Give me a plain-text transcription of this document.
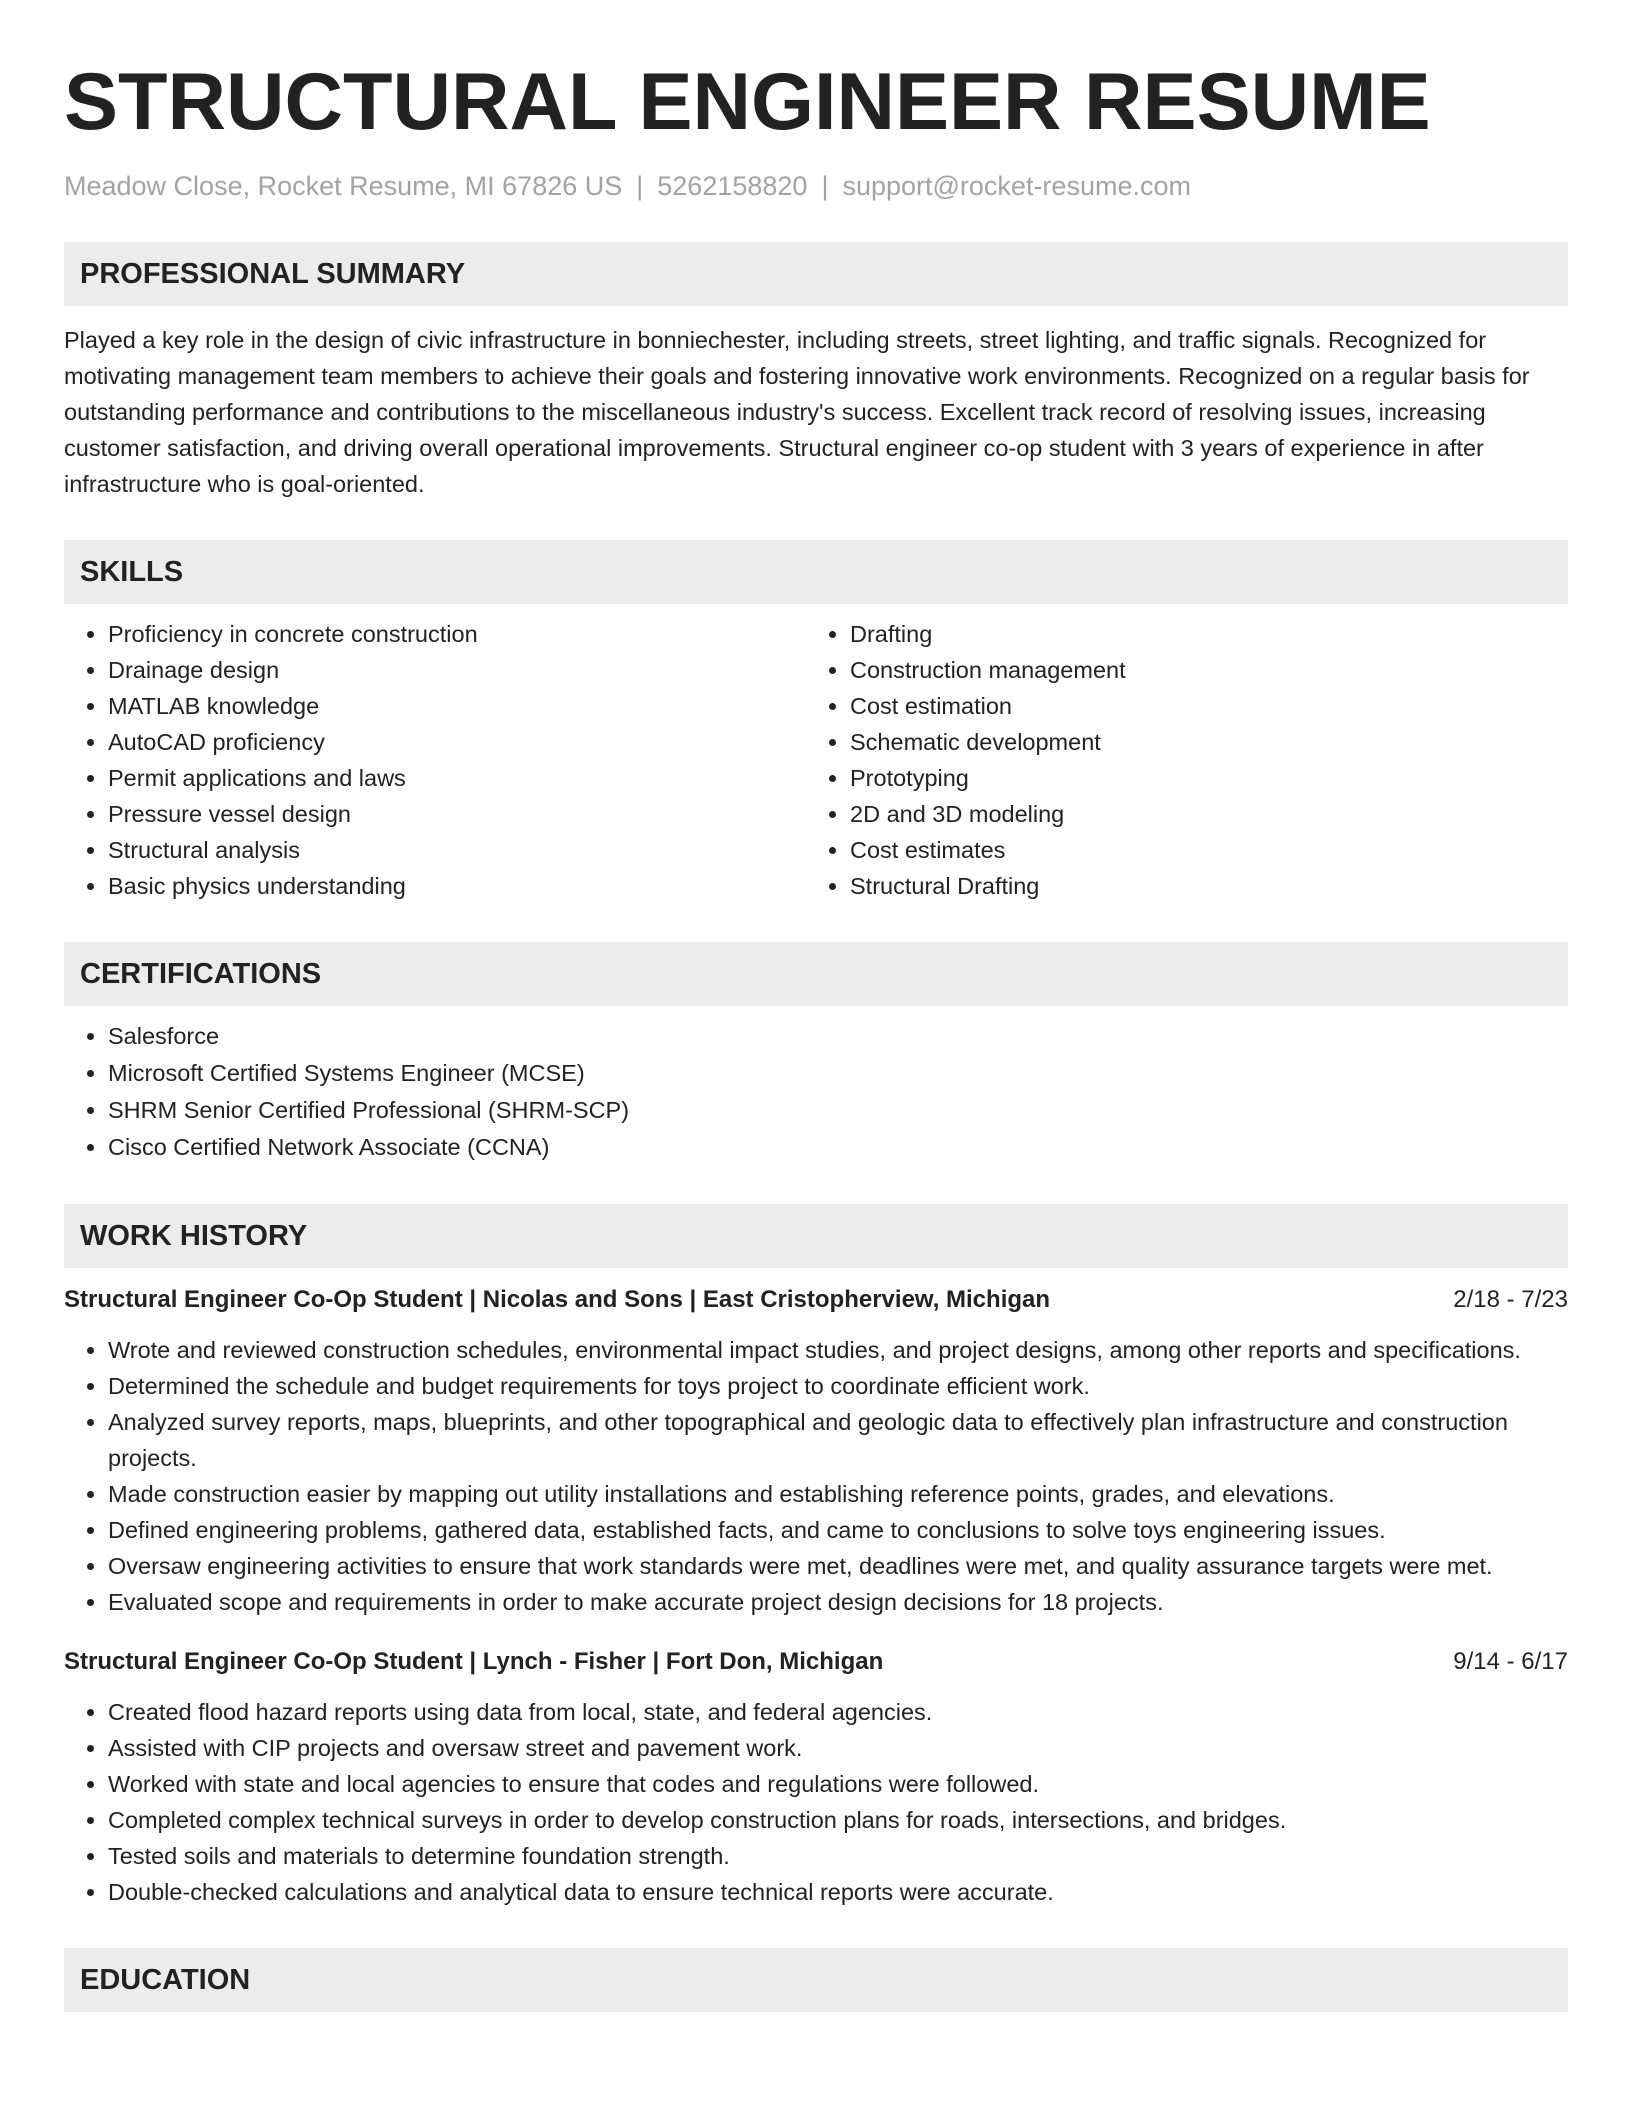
STRUCTURAL ENGINEER RESUME
Meadow Close, Rocket Resume, MI 67826 US | 5262158820 | support@rocket-resume.com
PROFESSIONAL SUMMARY
Played a key role in the design of civic infrastructure in bonniechester, including streets, street lighting, and traffic signals. Recognized for motivating management team members to achieve their goals and fostering innovative work environments. Recognized on a regular basis for outstanding performance and contributions to the miscellaneous industry's success. Excellent track record of resolving issues, increasing customer satisfaction, and driving overall operational improvements. Structural engineer co-op student with 3 years of experience in after infrastructure who is goal-oriented.
SKILLS
• Proficiency in concrete construction
• Drainage design
• MATLAB knowledge
• AutoCAD proficiency
• Permit applications and laws
• Pressure vessel design
• Structural analysis
• Basic physics understanding
• Drafting
• Construction management
• Cost estimation
• Schematic development
• Prototyping
• 2D and 3D modeling
• Cost estimates
• Structural Drafting
CERTIFICATIONS
• Salesforce
• Microsoft Certified Systems Engineer (MCSE)
• SHRM Senior Certified Professional (SHRM-SCP)
• Cisco Certified Network Associate (CCNA)
WORK HISTORY
Structural Engineer Co-Op Student | Nicolas and Sons | East Cristopherview, Michigan	2/18 - 7/23
• Wrote and reviewed construction schedules, environmental impact studies, and project designs, among other reports and specifications.
• Determined the schedule and budget requirements for toys project to coordinate efficient work.
• Analyzed survey reports, maps, blueprints, and other topographical and geologic data to effectively plan infrastructure and construction projects.
• Made construction easier by mapping out utility installations and establishing reference points, grades, and elevations.
• Defined engineering problems, gathered data, established facts, and came to conclusions to solve toys engineering issues.
• Oversaw engineering activities to ensure that work standards were met, deadlines were met, and quality assurance targets were met.
• Evaluated scope and requirements in order to make accurate project design decisions for 18 projects.
Structural Engineer Co-Op Student | Lynch - Fisher | Fort Don, Michigan	9/14 - 6/17
• Created flood hazard reports using data from local, state, and federal agencies.
• Assisted with CIP projects and oversaw street and pavement work.
• Worked with state and local agencies to ensure that codes and regulations were followed.
• Completed complex technical surveys in order to develop construction plans for roads, intersections, and bridges.
• Tested soils and materials to determine foundation strength.
• Double-checked calculations and analytical data to ensure technical reports were accurate.
EDUCATION
